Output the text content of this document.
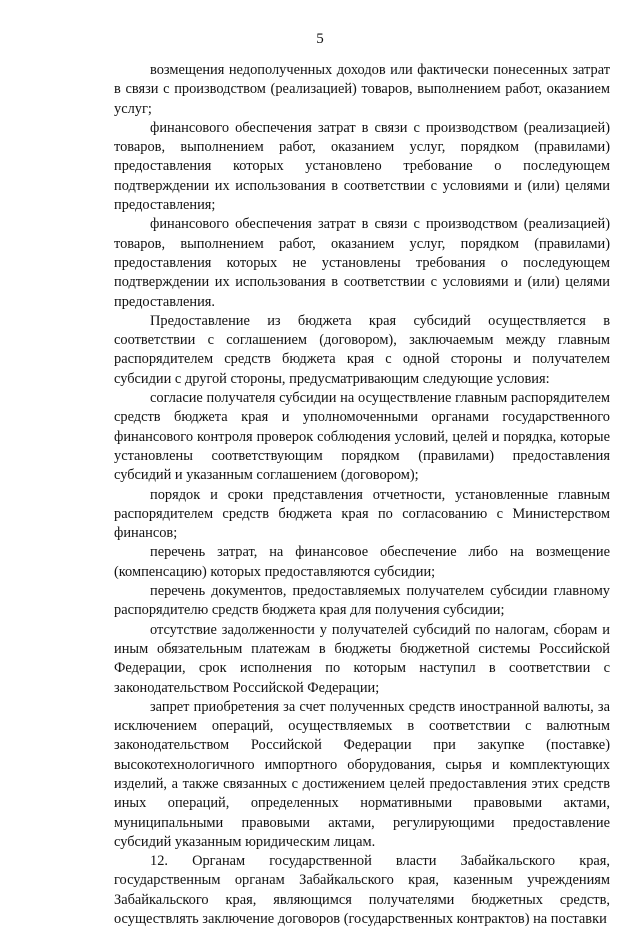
5

возмещения недополученных доходов или фактически понесенных затрат в связи с производством (реализацией) товаров, выполнением работ, оказанием услуг;

финансового обеспечения затрат в связи с производством (реализацией) товаров, выполнением работ, оказанием услуг, порядком (правилами) предоставления которых установлено требование о последующем подтверждении их использования в соответствии с условиями и (или) целями предоставления;

финансового обеспечения затрат в связи с производством (реализацией) товаров, выполнением работ, оказанием услуг, порядком (правилами) предоставления которых не установлены требования о последующем подтверждении их использования в соответствии с условиями и (или) целями предоставления.

Предоставление из бюджета края субсидий осуществляется в соответствии с соглашением (договором), заключаемым между главным распорядителем средств бюджета края с одной стороны и получателем субсидии с другой стороны, предусматривающим следующие условия:

согласие получателя субсидии на осуществление главным распорядителем средств бюджета края и уполномоченными органами государственного финансового контроля проверок соблюдения условий, целей и порядка, которые установлены соответствующим порядком (правилами) предоставления субсидий и указанным соглашением (договором);

порядок и сроки представления отчетности, установленные главным распорядителем средств бюджета края по согласованию с Министерством финансов;

перечень затрат, на финансовое обеспечение либо на возмещение (компенсацию) которых предоставляются субсидии;

перечень документов, предоставляемых получателем субсидии главному распорядителю средств бюджета края для получения субсидии;

отсутствие задолженности у получателей субсидий по налогам, сборам и иным обязательным платежам в бюджеты бюджетной системы Российской Федерации, срок исполнения по которым наступил в соответствии с законодательством Российской Федерации;

запрет приобретения за счет полученных средств иностранной валюты, за исключением операций, осуществляемых в соответствии с валютным законодательством Российской Федерации при закупке (поставке) высокотехнологичного импортного оборудования, сырья и комплектующих изделий, а также связанных с достижением целей предоставления этих средств иных операций, определенных нормативными правовыми актами, муниципальными правовыми актами, регулирующими предоставление субсидий указанным юридическим лицам.

12. Органам государственной власти Забайкальского края, государственным органам Забайкальского края, казенным учреждениям Забайкальского края, являющимся получателями бюджетных средств, осуществлять заключение договоров (государственных контрактов) на поставки
